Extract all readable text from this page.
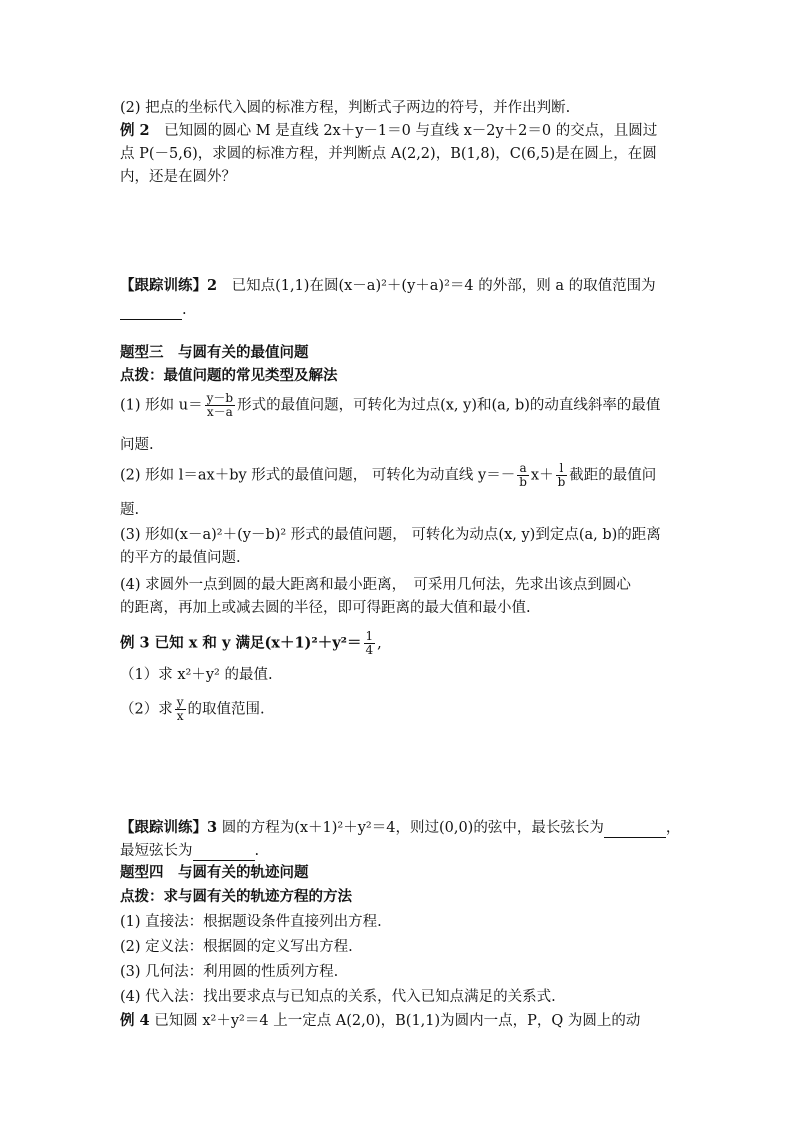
(2) 把点的坐标代入圆的标准方程，判断式子两边的符号，并作出判断.
例 2　已知圆的圆心 M 是直线 2x＋y－1＝0 与直线 x－2y＋2＝0 的交点，且圆过
点 P(－5,6)，求圆的标准方程，并判断点 A(2,2)，B(1,8)，C(6,5)是在圆上，在圆
内，还是在圆外？
【跟踪训练】2　已知点(1,1)在圆(x－a)²＋(y＋a)²＝4 的外部，则 a 的取值范围为
.
题型三　与圆有关的最值问题
点拨：最值问题的常见类型及解法
(1) 形如 $u= \frac{y-b}{x-a}$ 形式的最值问题，可转化为过点(x, y)和(a, b)的动直线斜率的最值
问题.
(2) 形如 l＝ax＋by 形式的最值问题， 可转化为动直线 $y=- \frac{a}{b} x+ \frac{l}{b}$ 截距的最值问
题.
(3) 形如(x－a)²＋(y－b)² 形式的最值问题， 可转化为动点(x, y)到定点(a, b)的距离
的平方的最值问题.
(4) 求圆外一点到圆的最大距离和最小距离，　可采用几何法，先求出该点到圆心
的距离，再加上或减去圆的半径，即可得距离的最大值和最小值.
例 3 已知 x 和 y 满足$(x+1)^2+y^2= \frac{1}{4}$ ,
（1）求 x²＋y² 的最值.
（2）求 $\frac{y}{x}$ 的取值范围.
【跟踪训练】3 圆的方程为(x＋1)²＋y²＝4，则过(0,0)的弦中，最长弦长为	，
最短弦长为	.
题型四　与圆有关的轨迹问题
点拨：求与圆有关的轨迹方程的方法
(1) 直接法：根据题设条件直接列出方程.
(2) 定义法：根据圆的定义写出方程.
(3) 几何法：利用圆的性质列方程.
(4) 代入法：找出要求点与已知点的关系，代入已知点满足的关系式.
例 4 已知圆 x²＋y²＝4 上一定点 A(2,0)，B(1,1)为圆内一点，P，Q 为圆上的动
